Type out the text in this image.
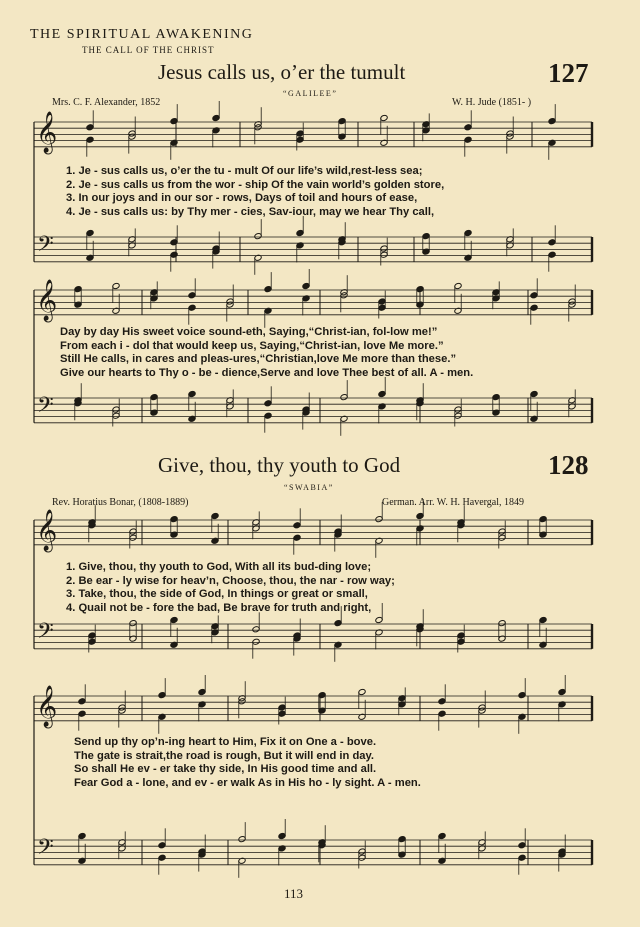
THE SPIRITUAL AWAKENING
THE CALL OF THE CHRIST
Jesus calls us, o’er the tumult	127
“GALILEE”
Mrs. C. F. Alexander, 1852	W. H. Jude (1851- )
1. Je - sus calls us, o’er the tu - mult Of our life’s wild,rest-less sea;
2. Je - sus calls us from the wor - ship Of the vain world’s golden store,
3. In our joys and in our sor - rows, Days of toil and hours of ease,
4. Je - sus calls us: by Thy mer - cies, Sav-iour, may we hear Thy call,
Day by day His sweet voice sound-eth, Saying,“Christ-ian, fol-low me!”
From each i - dol that would keep us, Saying,“Christ-ian, love Me more.”
Still He calls, in cares and pleas-ures,“Christian,love Me more than these.”
Give our hearts to Thy o - be - dience,Serve and love Thee best of all. A - men.
Give, thou, thy youth to God	128
“SWABIA”
Rev. Horatius Bonar, (1808-1889)	German. Arr. W. H. Havergal, 1849
1. Give, thou, thy youth to God, With all its bud-ding love;
2. Be ear - ly wise for heav’n, Choose, thou, the nar - row way;
3. Take, thou, the side of God, In things or great or small,
4. Quail not be - fore the bad, Be brave for truth and right,
Send up thy op’n-ing heart to Him, Fix it on One a - bove.
The gate is strait,the road is rough, But it will end in day.
So shall He ev - er take thy side, In His good time and all.
Fear God a - lone, and ev - er walk As in His ho - ly sight. A - men.
113
𝄞
𝄢
𝄞
𝄢
𝄞
𝄢
𝄞
𝄢
